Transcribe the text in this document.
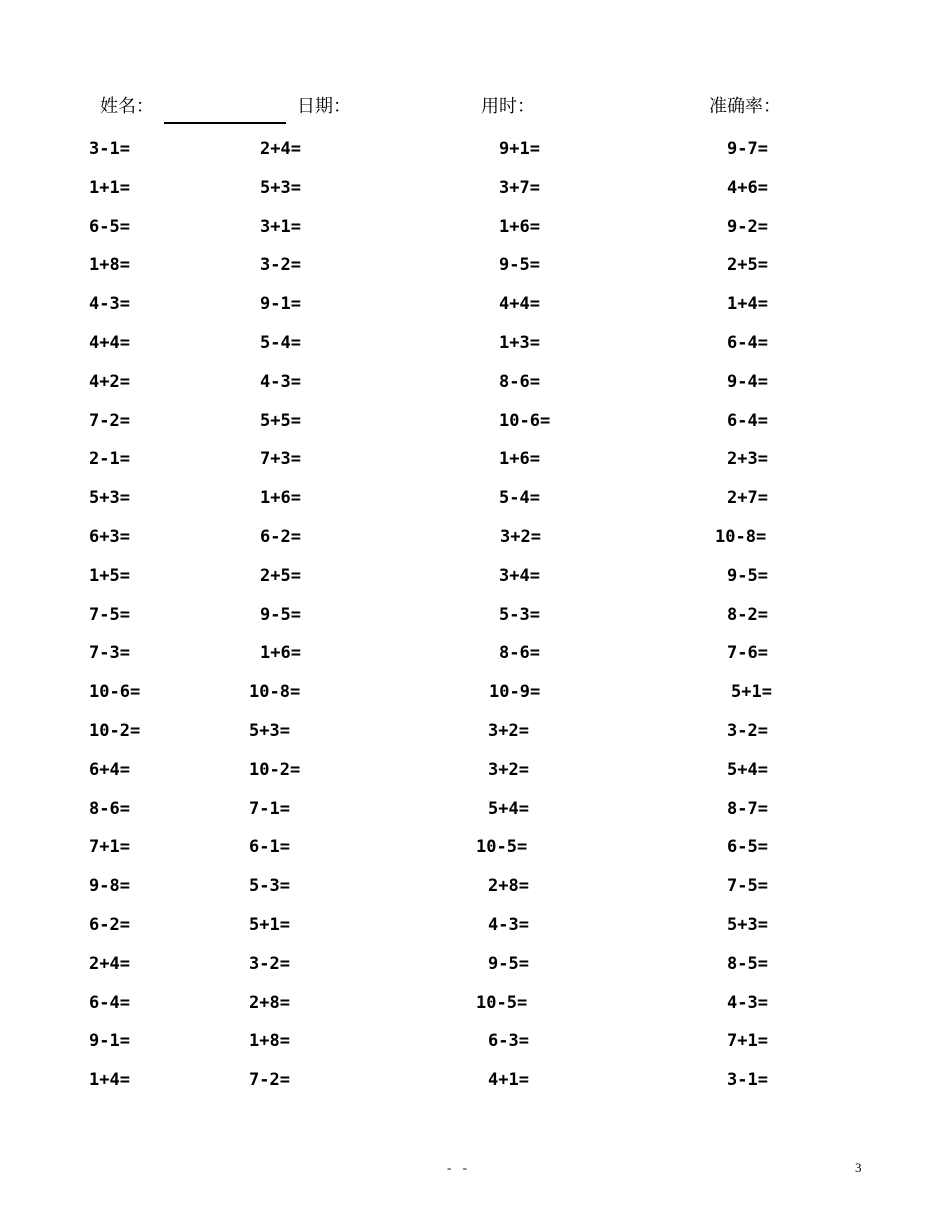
姓名：	日期：	用时：	准确率：
3-1=	2+4=	9+1=	9-7=
1+1=	5+3=	3+7=	4+6=
6-5=	3+1=	1+6=	9-2=
1+8=	3-2=	9-5=	2+5=
4-3=	9-1=	4+4=	1+4=
4+4=	5-4=	1+3=	6-4=
4+2=	4-3=	8-6=	9-4=
7-2=	5+5=	10-6=	6-4=
2-1=	7+3=	1+6=	2+3=
5+3=	1+6=	5-4=	2+7=
6+3=	6-2=	3+2=	10-8=
1+5=	2+5=	3+4=	9-5=
7-5=	9-5=	5-3=	8-2=
7-3=	1+6=	8-6=	7-6=
10-6=	10-8=	10-9=	5+1=
10-2=	5+3=	3+2=	3-2=
6+4=	10-2=	3+2=	5+4=
8-6=	7-1=	5+4=	8-7=
7+1=	6-1=	10-5=	6-5=
9-8=	5-3=	2+8=	7-5=
6-2=	5+1=	4-3=	5+3=
2+4=	3-2=	9-5=	8-5=
6-4=	2+8=	10-5=	4-3=
9-1=	1+8=	6-3=	7+1=
1+4=	7-2=	4+1=	3-1=
- -	3
